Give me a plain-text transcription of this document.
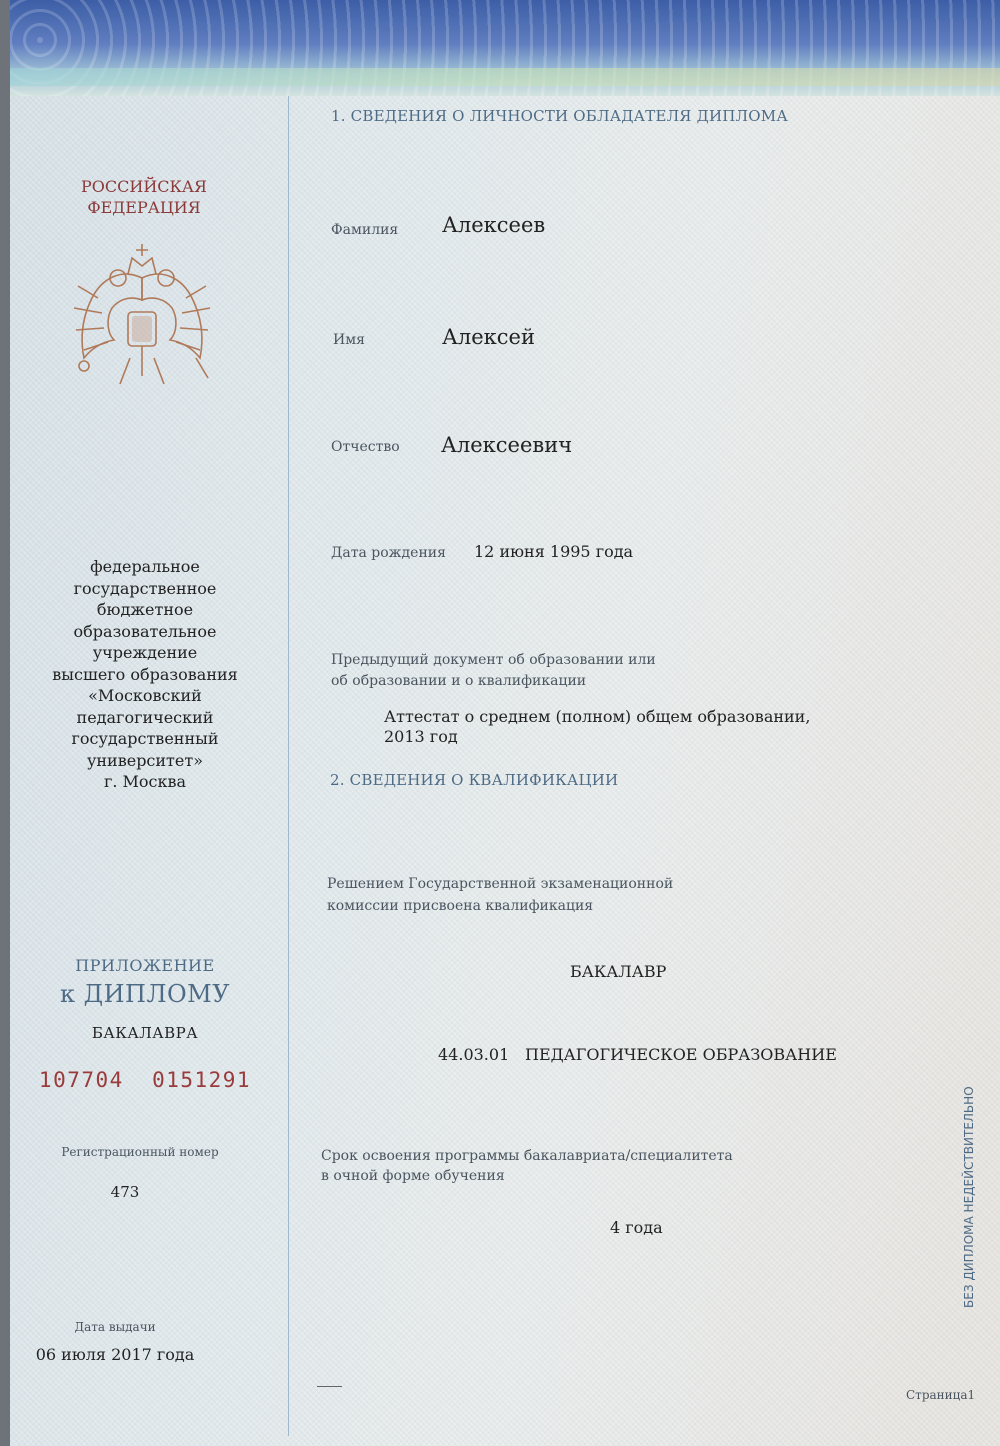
РОССИЙСКАЯ
ФЕДЕРАЦИЯ
федеральное
государственное бюджетное
образовательное учреждение
высшего образования
«Московский
педагогический
государственный
университет»
г. Москва
ПРИЛОЖЕНИЕ
к ДИПЛОМУ
БАКАЛАВРА
107704  0151291
Регистрационный номер
473
Дата выдачи
06 июля 2017 года
1. СВЕДЕНИЯ О ЛИЧНОСТИ ОБЛАДАТЕЛЯ ДИПЛОМА
Фамилия Алексеев
Имя	Алексей
Отчество Алексеевич
Дата рождения 12 июня 1995 года
Предыдущий документ об образовании или
об образовании и о квалификации
Аттестат о среднем (полном) общем образовании,
2013 год
2. СВЕДЕНИЯ О КВАЛИФИКАЦИИ
Решением Государственной экзаменационной
комиссии присвоена квалификация
БАКАЛАВР
44.03.01 ПЕДАГОГИЧЕСКОЕ ОБРАЗОВАНИЕ
Срок освоения программы бакалавриата/специалитета
в очной форме обучения
4 года	БЕЗ ДИПЛОМА НЕДЕЙСТВИТЕЛЬНО
Страница1
